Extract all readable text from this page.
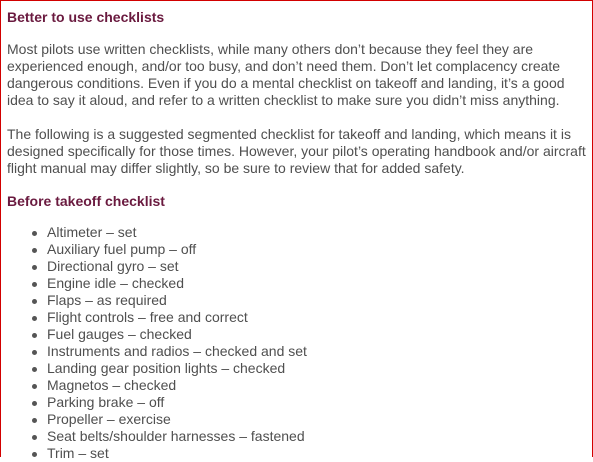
Better to use checklists

Most pilots use written checklists, while many others don’t because they feel they are experienced enough, and/or too busy, and don’t need them. Don’t let complacency create dangerous conditions. Even if you do a mental checklist on takeoff and landing, it’s a good idea to say it aloud, and refer to a written checklist to make sure you didn’t miss anything.

The following is a suggested segmented checklist for takeoff and landing, which means it is designed specifically for those times. However, your pilot’s operating handbook and/or aircraft flight manual may differ slightly, so be sure to review that for added safety.

Before takeoff checklist
Altimeter – set
Auxiliary fuel pump – off
Directional gyro – set
Engine idle – checked
Flaps – as required
Flight controls – free and correct
Fuel gauges – checked
Instruments and radios – checked and set
Landing gear position lights – checked
Magnetos – checked
Parking brake – off
Propeller – exercise
Seat belts/shoulder harnesses – fastened
Trim – set
